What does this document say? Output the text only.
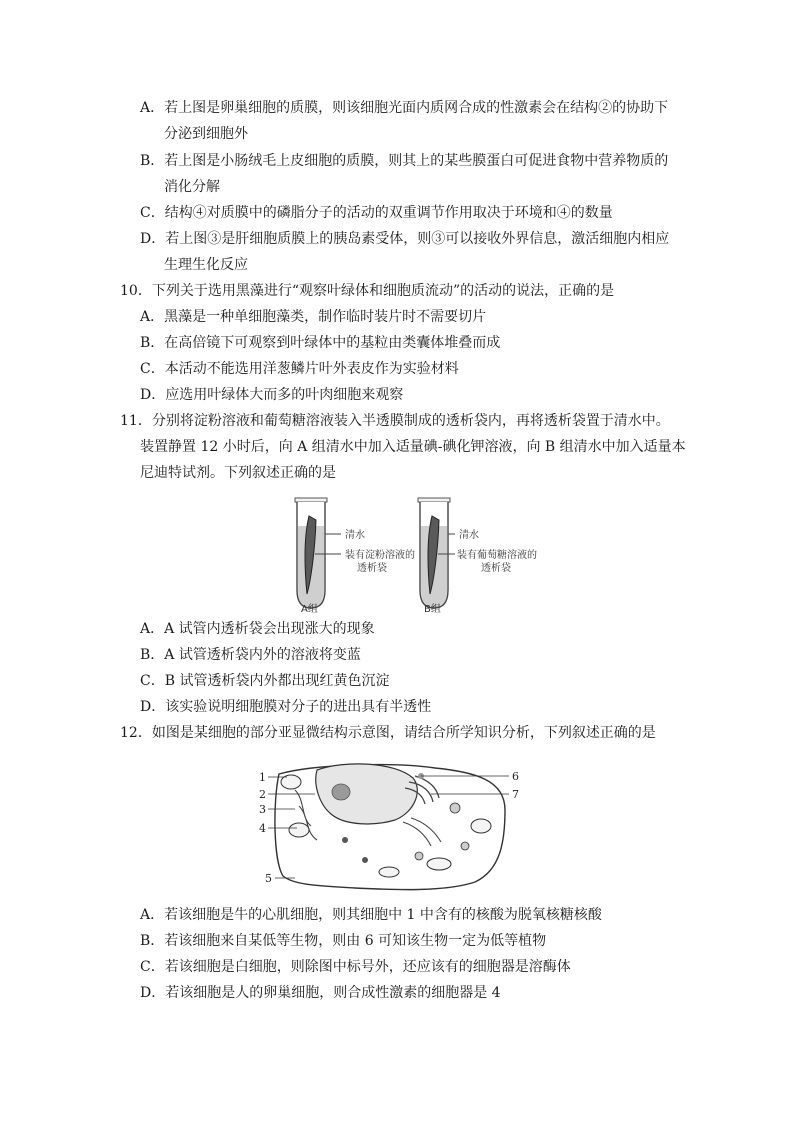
A．若上图是卵巢细胞的质膜，则该细胞光面内质网合成的性激素会在结构②的协助下
分泌到细胞外
B．若上图是小肠绒毛上皮细胞的质膜，则其上的某些膜蛋白可促进食物中营养物质的
消化分解
C．结构④对质膜中的磷脂分子的活动的双重调节作用取决于环境和④的数量
D．若上图③是肝细胞质膜上的胰岛素受体，则③可以接收外界信息，激活细胞内相应
生理生化反应
10．下列关于选用黑藻进行“观察叶绿体和细胞质流动”的活动的说法，正确的是
A．黑藻是一种单细胞藻类，制作临时装片时不需要切片
B．在高倍镜下可观察到叶绿体中的基粒由类囊体堆叠而成
C．本活动不能选用洋葱鳞片叶外表皮作为实验材料
D．应选用叶绿体大而多的叶肉细胞来观察
11．分别将淀粉溶液和葡萄糖溶液装入半透膜制成的透析袋内，再将透析袋置于清水中。
装置静置 12 小时后，向 A 组清水中加入适量碘-碘化钾溶液，向 B 组清水中加入适量本
尼迪特试剂。下列叙述正确的是
清水
装有淀粉溶液的
透析袋
A组
清水
装有葡萄糖溶液的
透析袋
B组
A．A 试管内透析袋会出现涨大的现象
B．A 试管透析袋内外的溶液将变蓝
C．B 试管透析袋内外都出现红黄色沉淀
D．该实验说明细胞膜对分子的进出具有半透性
12．如图是某细胞的部分亚显微结构示意图，请结合所学知识分析，下列叙述正确的是
1
2
3
4
5
6
7
A．若该细胞是牛的心肌细胞，则其细胞中 1 中含有的核酸为脱氧核糖核酸
B．若该细胞来自某低等生物，则由 6 可知该生物一定为低等植物
C．若该细胞是白细胞，则除图中标号外，还应该有的细胞器是溶酶体
D．若该细胞是人的卵巢细胞，则合成性激素的细胞器是 4
